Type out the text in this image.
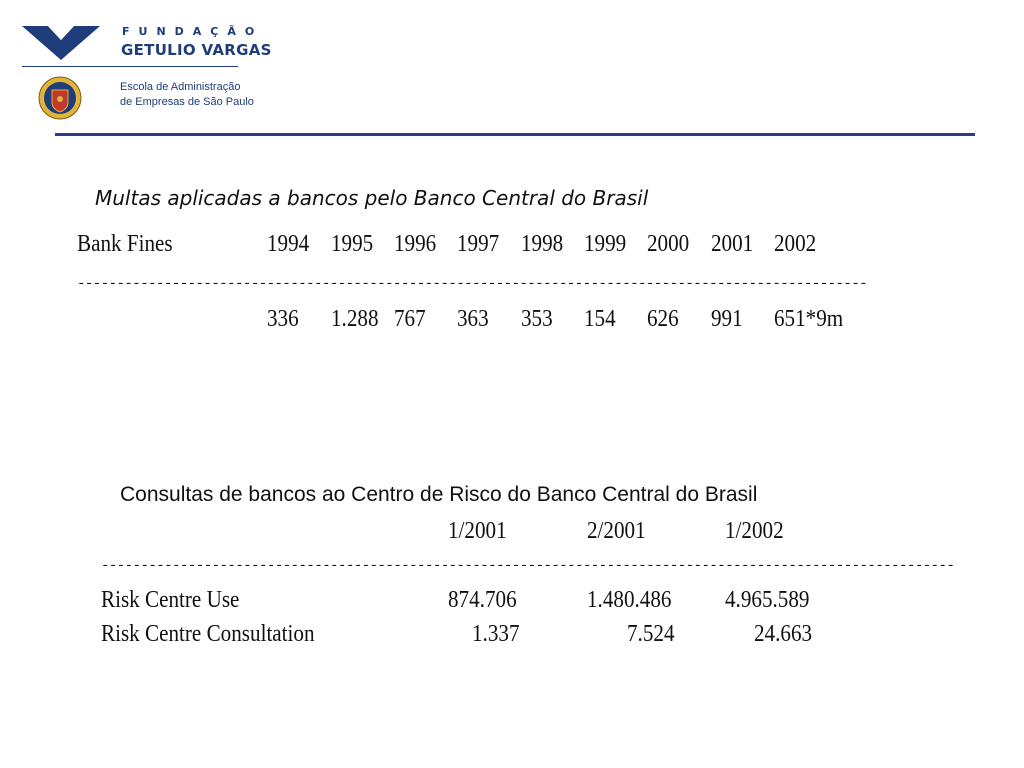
FUNDAÇÃO
GETULIO VARGAS
Escola de Administração
de Empresas de São Paulo
Multas aplicadas a bancos pelo Banco Central do Brasil
Bank Fines	1994 1995 1996 1997 1998 1999 2000 2001 2002
----------------------------------------------------------------------------------------------------
336 1.288 767 363 353 154 626 991 651*9m
Consultas de bancos ao Centro de Risco do Banco Central do Brasil
1/2001	2/2001	1/2002
------------------------------------------------------------------------------------------------------------
Risk Centre Use	874.706	1.480.486 4.965.589
Risk Centre Consultation	1.337	7.524	24.663
